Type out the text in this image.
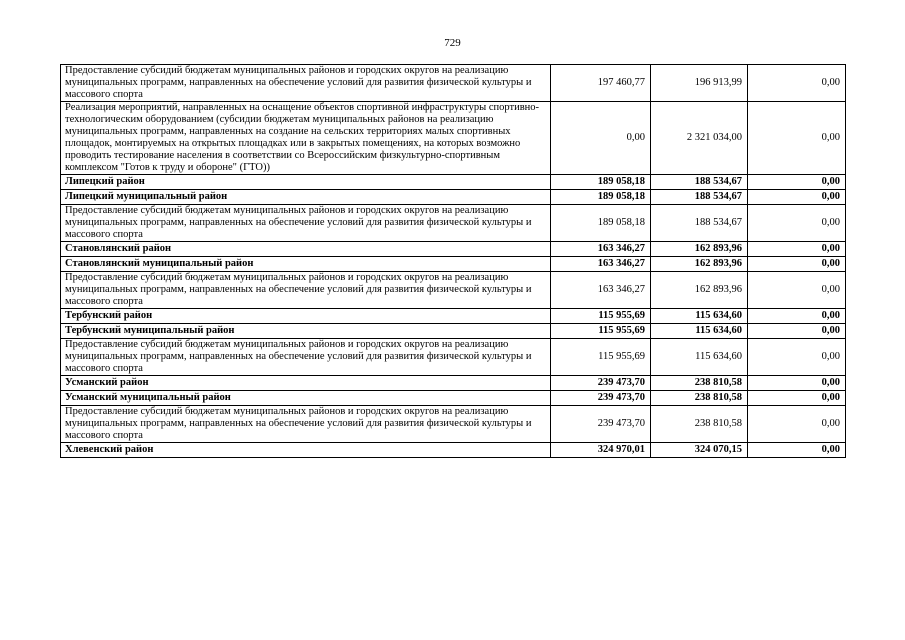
729
Предоставление субсидий бюджетам муниципальных районов и городских округов на реализацию муниципальных программ, направленных на обеспечение условий для развития физической культуры и массового спорта	197 460,77	196 913,99	0,00
Реализация мероприятий, направленных на оснащение объектов спортивной инфраструктуры спортивно-технологическим оборудованием (субсидии бюджетам муниципальных районов на реализацию муниципальных программ, направленных на создание на сельских территориях малых спортивных площадок, монтируемых на открытых площадках или в закрытых помещениях, на которых возможно проводить тестирование населения в соответствии со Всероссийским физкультурно-спортивным комплексом "Готов к труду и обороне" (ГТО))	0,00	2 321 034,00	0,00
Липецкий район	189 058,18	188 534,67	0,00
Липецкий муниципальный район	189 058,18	188 534,67	0,00
Предоставление субсидий бюджетам муниципальных районов и городских округов на реализацию муниципальных программ, направленных на обеспечение условий для развития физической культуры и массового спорта	189 058,18	188 534,67	0,00
Становлянский район	163 346,27	162 893,96	0,00
Становлянский муниципальный район	163 346,27	162 893,96	0,00
Предоставление субсидий бюджетам муниципальных районов и городских округов на реализацию муниципальных программ, направленных на обеспечение условий для развития физической культуры и массового спорта	163 346,27	162 893,96	0,00
Тербунский район	115 955,69	115 634,60	0,00
Тербунский муниципальный район	115 955,69	115 634,60	0,00
Предоставление субсидий бюджетам муниципальных районов и городских округов на реализацию муниципальных программ, направленных на обеспечение условий для развития физической культуры и массового спорта	115 955,69	115 634,60	0,00
Усманский район	239 473,70	238 810,58	0,00
Усманский муниципальный район	239 473,70	238 810,58	0,00
Предоставление субсидий бюджетам муниципальных районов и городских округов на реализацию муниципальных программ, направленных на обеспечение условий для развития физической культуры и массового спорта	239 473,70	238 810,58	0,00
Хлевенский район	324 970,01	324 070,15	0,00
